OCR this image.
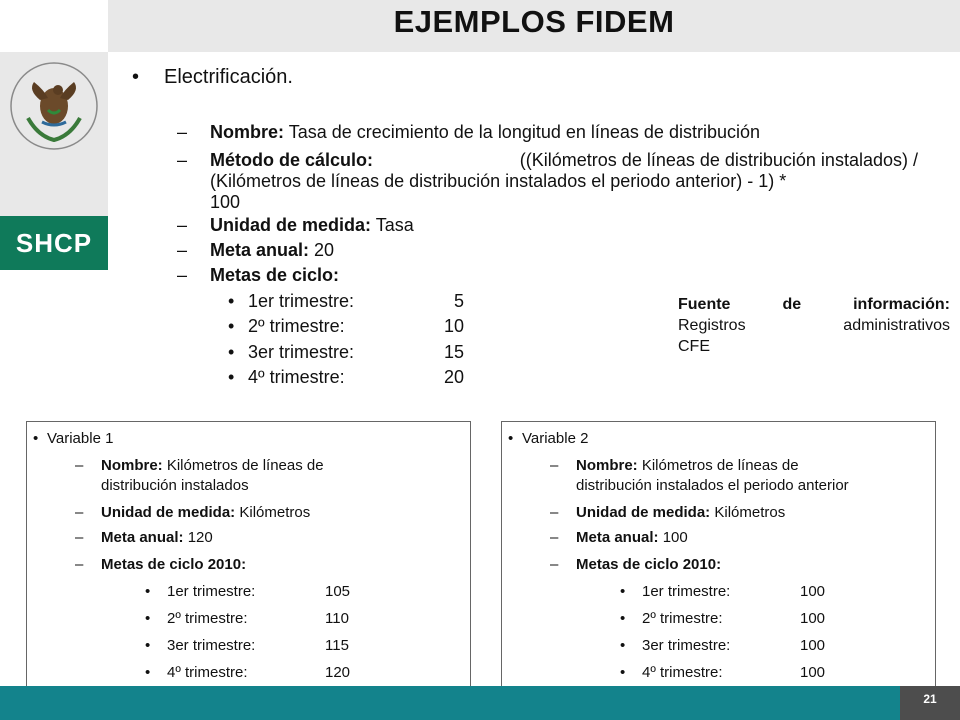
EJEMPLOS FIDEM
SHCP
• Electrificación.
– Nombre: Tasa de crecimiento de la longitud en líneas de distribución
– Método de cálculo:	((Kilómetros de líneas de distribución instalados) /
(Kilómetros de líneas de distribución instalados el periodo anterior) - 1) *
100
– Unidad de medida: Tasa
– Meta anual: 20
– Metas de ciclo:
• 1er trimestre:	5
• 2º trimestre:	10
• 3er trimestre:	15
• 4º trimestre:	20
Fuente	de	información:
Registros	administrativos
CFE
• Variable 1
– Nombre: Kilómetros de líneas de
distribución instalados
– Unidad de medida: Kilómetros
– Meta anual: 120
– Metas de ciclo 2010:
• 1er trimestre:	105
• 2º trimestre:	110
• 3er trimestre:	115
• 4º trimestre:	120
• Variable 2
– Nombre: Kilómetros de líneas de
distribución instalados el periodo anterior
– Unidad de medida: Kilómetros
– Meta anual: 100
– Metas de ciclo 2010:
• 1er trimestre:	100
• 2º trimestre:	100
• 3er trimestre:	100
• 4º trimestre:	100
21
